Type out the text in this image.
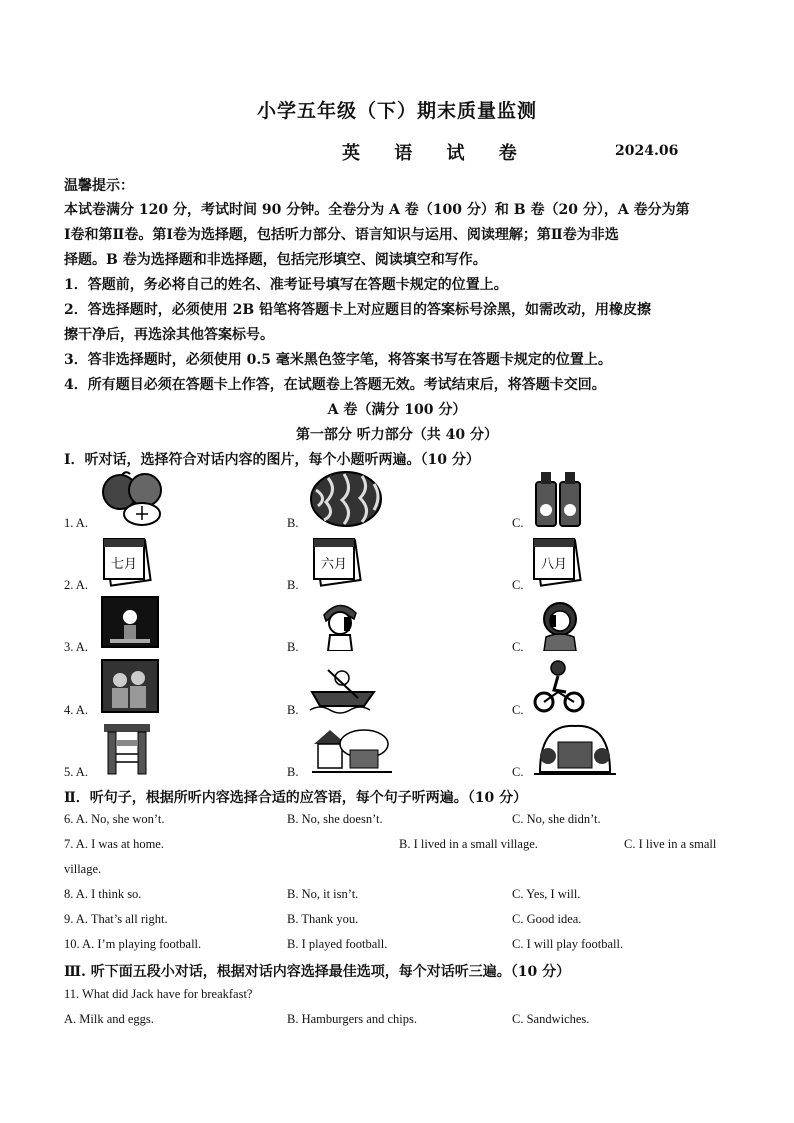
小学五年级（下）期末质量监测
英 语 试 卷	2024.06
温馨提示：
本试卷满分 120 分，考试时间 90 分钟。全卷分为 A 卷（100 分）和 B 卷（20 分），A 卷分为第
Ⅰ卷和第Ⅱ卷。第Ⅰ卷为选择题，包括听力部分、语言知识与运用、阅读理解；第Ⅱ卷为非选
择题。B 卷为选择题和非选择题，包括完形填空、阅读填空和写作。
1．答题前，务必将自己的姓名、准考证号填写在答题卡规定的位置上。
2．答选择题时，必须使用 2B 铅笔将答题卡上对应题目的答案标号涂黑，如需改动，用橡皮擦
擦干净后，再选涂其他答案标号。
3．答非选择题时，必须使用 0.5 毫米黑色签字笔，将答案书写在答题卡规定的位置上。
4．所有题目必须在答题卡上作答，在试题卷上答题无效。考试结束后，将答题卡交回。
A 卷（满分 100 分）
第一部分 听力部分（共 40 分）
Ⅰ．听对话，选择符合对话内容的图片，每个小题听两遍。（10 分）
1. A.	B.	C.
2. A.	B.	C.
七月	六月	八月
3. A.	B.	C.
4. A.	B.	C.
5. A.	B.	C.
Ⅱ．听句子，根据所听内容选择合适的应答语，每个句子听两遍。（10 分）
6. A. No, she won’t.	B. No, she doesn’t.	C. No, she didn’t.
7. A. I was at home.	B. I lived in a small village.	C. I live in a small
village.
8. A. I think so.	B. No, it isn’t.	C. Yes, I will.
9. A. That’s all right.	B. Thank you.	C. Good idea.
10. A. I’m playing football.	B. I played football.	C. I will play football.
Ⅲ. 听下面五段小对话，根据对话内容选择最佳选项，每个对话听三遍。（10 分）
11. What did Jack have for breakfast?
A. Milk and eggs.	B. Hamburgers and chips.	C. Sandwiches.
